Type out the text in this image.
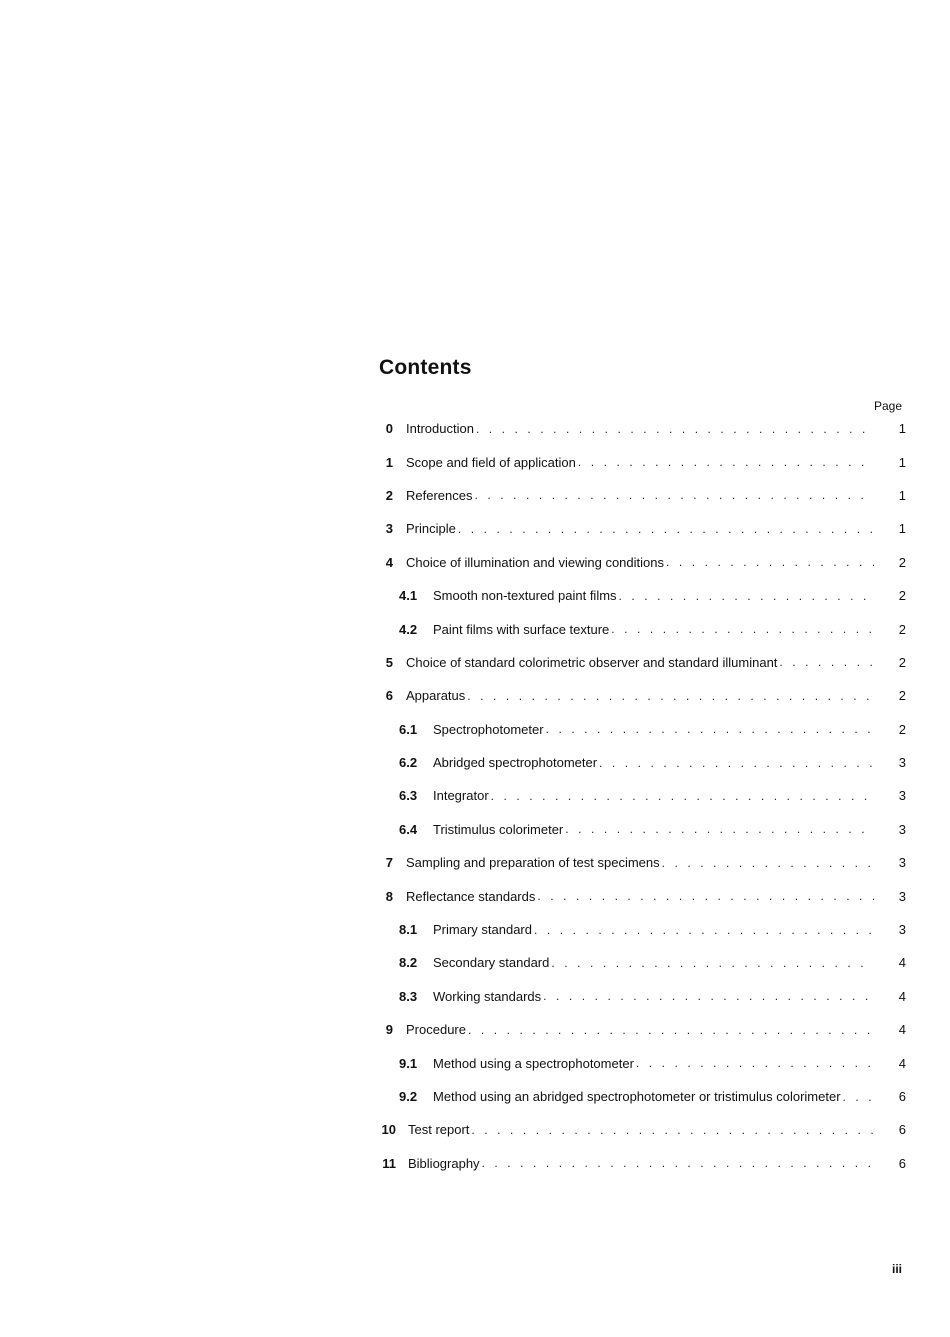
Contents
Page
0 Introduction . . .	1
1 Scope and field of application . . .	1
2 References . . .	1
3 Principle . . .	1
4 Choice of illumination and viewing conditions . . .	2
4.1 Smooth non-textured paint films . . .	2
4.2 Paint films with surface texture . . .	2
5 Choice of standard colorimetric observer and standard illuminant . . .	2
6 Apparatus . . .	2
6.1 Spectrophotometer . . .	2
6.2 Abridged spectrophotometer . . .	3
6.3 Integrator . . .	3
6.4 Tristimulus colorimeter . . .	3
7 Sampling and preparation of test specimens . . .	3
8 Reflectance standards . . .	3
8.1 Primary standard . . .	3
8.2 Secondary standard . . .	4
8.3 Working standards . . .	4
9 Procedure . . .	4
9.1 Method using a spectrophotometer . . .	4
9.2 Method using an abridged spectrophotometer or tristimulus colorimeter . . .	6
10 Test report . . .	6
11 Bibliography . . .	6
iii
